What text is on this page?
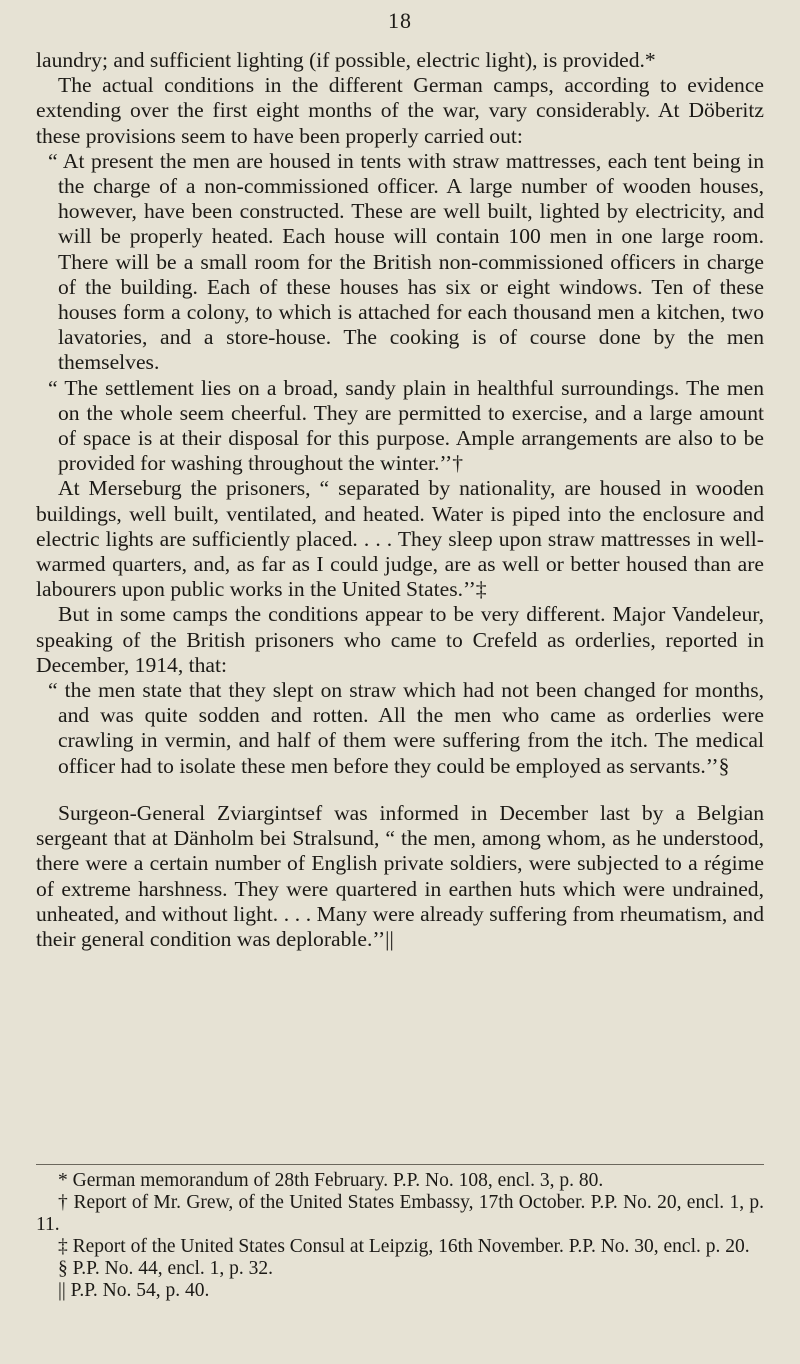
18

laundry; and sufficient lighting (if possible, electric light), is provided.*

The actual conditions in the different German camps, according to evidence extending over the first eight months of the war, vary considerably. At Döberitz these provisions seem to have been properly carried out:

“ At present the men are housed in tents with straw mattresses, each tent being in the charge of a non-commissioned officer. A large number of wooden houses, however, have been constructed. These are well built, lighted by electricity, and will be properly heated. Each house will contain 100 men in one large room. There will be a small room for the British non-commissioned officers in charge of the building. Each of these houses has six or eight windows. Ten of these houses form a colony, to which is attached for each thousand men a kitchen, two lavatories, and a store-house. The cooking is of course done by the men themselves.
“ The settlement lies on a broad, sandy plain in healthful surroundings. The men on the whole seem cheerful. They are permitted to exercise, and a large amount of space is at their disposal for this purpose. Ample arrangements are also to be provided for washing throughout the winter.’’†

At Merseburg the prisoners, “ separated by nationality, are housed in wooden buildings, well built, ventilated, and heated. Water is piped into the enclosure and electric lights are sufficiently placed. . . . They sleep upon straw mattresses in well-warmed quarters, and, as far as I could judge, are as well or better housed than are labourers upon public works in the United States.’’‡

But in some camps the conditions appear to be very different. Major Vandeleur, speaking of the British prisoners who came to Crefeld as orderlies, reported in December, 1914, that:

“ the men state that they slept on straw which had not been changed for months, and was quite sodden and rotten. All the men who came as orderlies were crawling in vermin, and half of them were suffering from the itch. The medical officer had to isolate these men before they could be employed as servants.’’§

Surgeon-General Zviargintsef was informed in December last by a Belgian sergeant that at Dänholm bei Stralsund, “ the men, among whom, as he understood, there were a certain number of English private soldiers, were subjected to a régime of extreme harshness. They were quartered in earthen huts which were undrained, unheated, and without light. . . . Many were already suffering from rheumatism, and their general condition was deplorable.’’||

* German memorandum of 28th February. P.P. No. 108, encl. 3, p. 80.

† Report of Mr. Grew, of the United States Embassy, 17th October. P.P. No. 20, encl. 1, p. 11.

‡ Report of the United States Consul at Leipzig, 16th November. P.P. No. 30, encl. p. 20.

§ P.P. No. 44, encl. 1, p. 32.

|| P.P. No. 54, p. 40.
